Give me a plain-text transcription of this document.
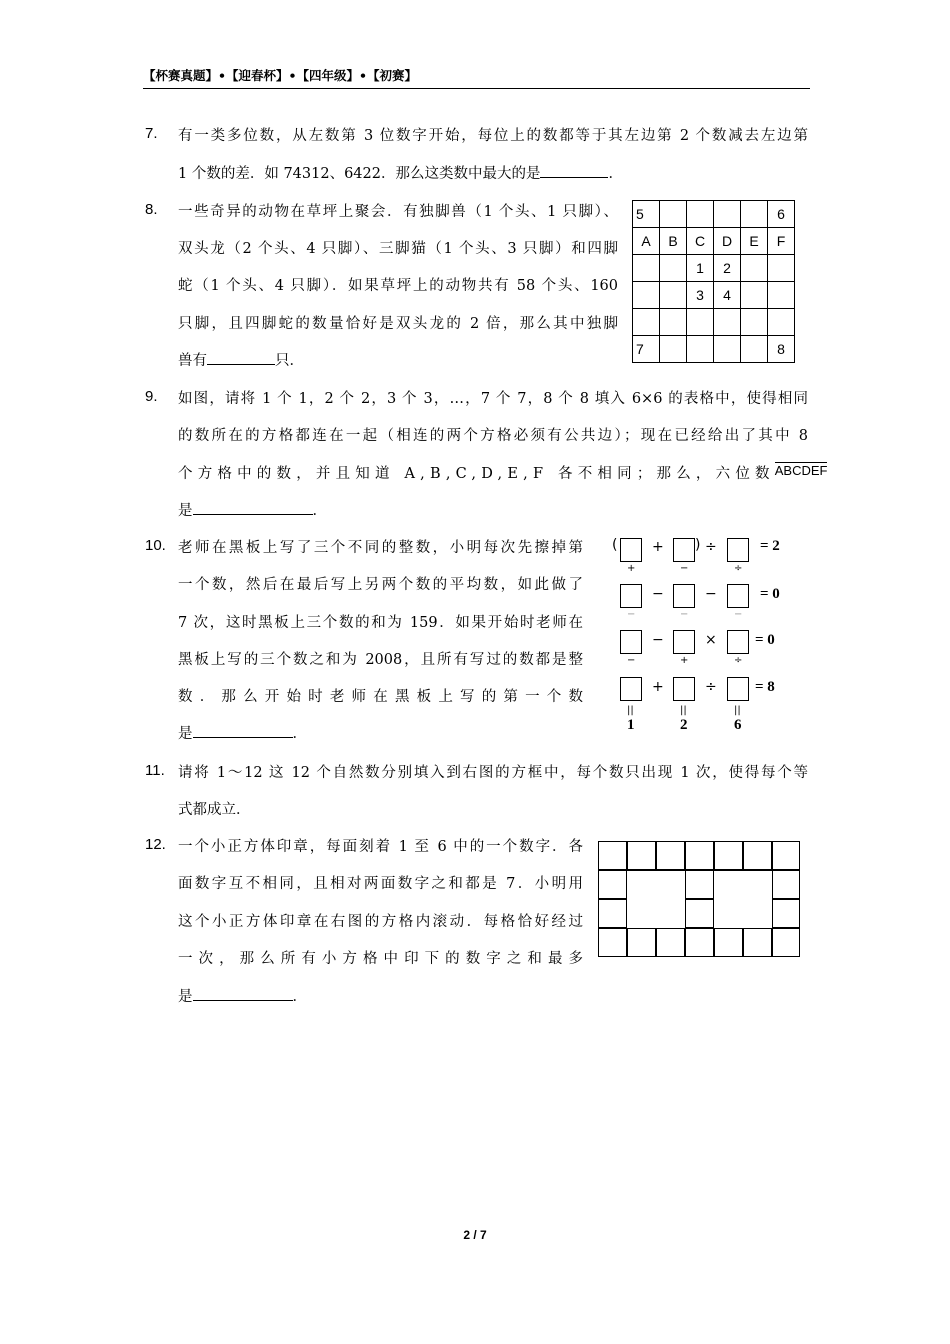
【杯赛真题】•【迎春杯】•【四年级】•【初赛】
7. 有一类多位数，从左数第 3 位数字开始，每位上的数都等于其左边第 2 个数减去左边第
1 个数的差．如 74312、6422．那么这类数中最大的是	．
8. 一些奇异的动物在草坪上聚会．有独脚兽（1 个头、1 只脚）、
双头龙（2 个头、4 只脚）、三脚猫（1 个头、3 只脚）和四脚
蛇（1 个头、4 只脚）．如果草坪上的动物共有 58 个头、160
只脚，且四脚蛇的数量恰好是双头龙的 2 倍，那么其中独脚
兽有	只．
5					6
A	B	C	D	E	F
		1	2		
		3	4		

7					8
9. 如图，请将 1 个 1，2 个 2，3 个 3，…，7 个 7，8 个 8 填入 6×6 的表格中，使得相同
的数所在的方格都连在一起（相连的两个方格必须有公共边）；现在已经给出了其中 8
个方格中的数，并且知道 A,B,C,D,E,F 各不相同；那么，六位数 ABCDEF
是	．
10. 老师在黑板上写了三个不同的整数，小明每次先擦掉第
一个数，然后在最后写上另两个数的平均数，如此做了
7 次，这时黑板上三个数的和为 159．如果开始时老师在
黑板上写的三个数之和为 2008，且所有写过的数都是整
数．那么开始时老师在黑板上写的第一个数
是	．
( + ) ÷	= 2
+	−	÷
−	−	= 0
−	−	−
−	×	= 0
−	+	÷
+	÷	= 8
||	||	||
1	2	6
11. 请将 1～12 这 12 个自然数分别填入到右图的方框中，每个数只出现 1 次，使得每个等
式都成立．
12. 一个小正方体印章，每面刻着 1 至 6 中的一个数字．各
面数字互不相同，且相对两面数字之和都是 7．小明用
这个小正方体印章在右图的方格内滚动．每格恰好经过
一次，那么所有小方格中印下的数字之和最多
是	．
2 / 7
